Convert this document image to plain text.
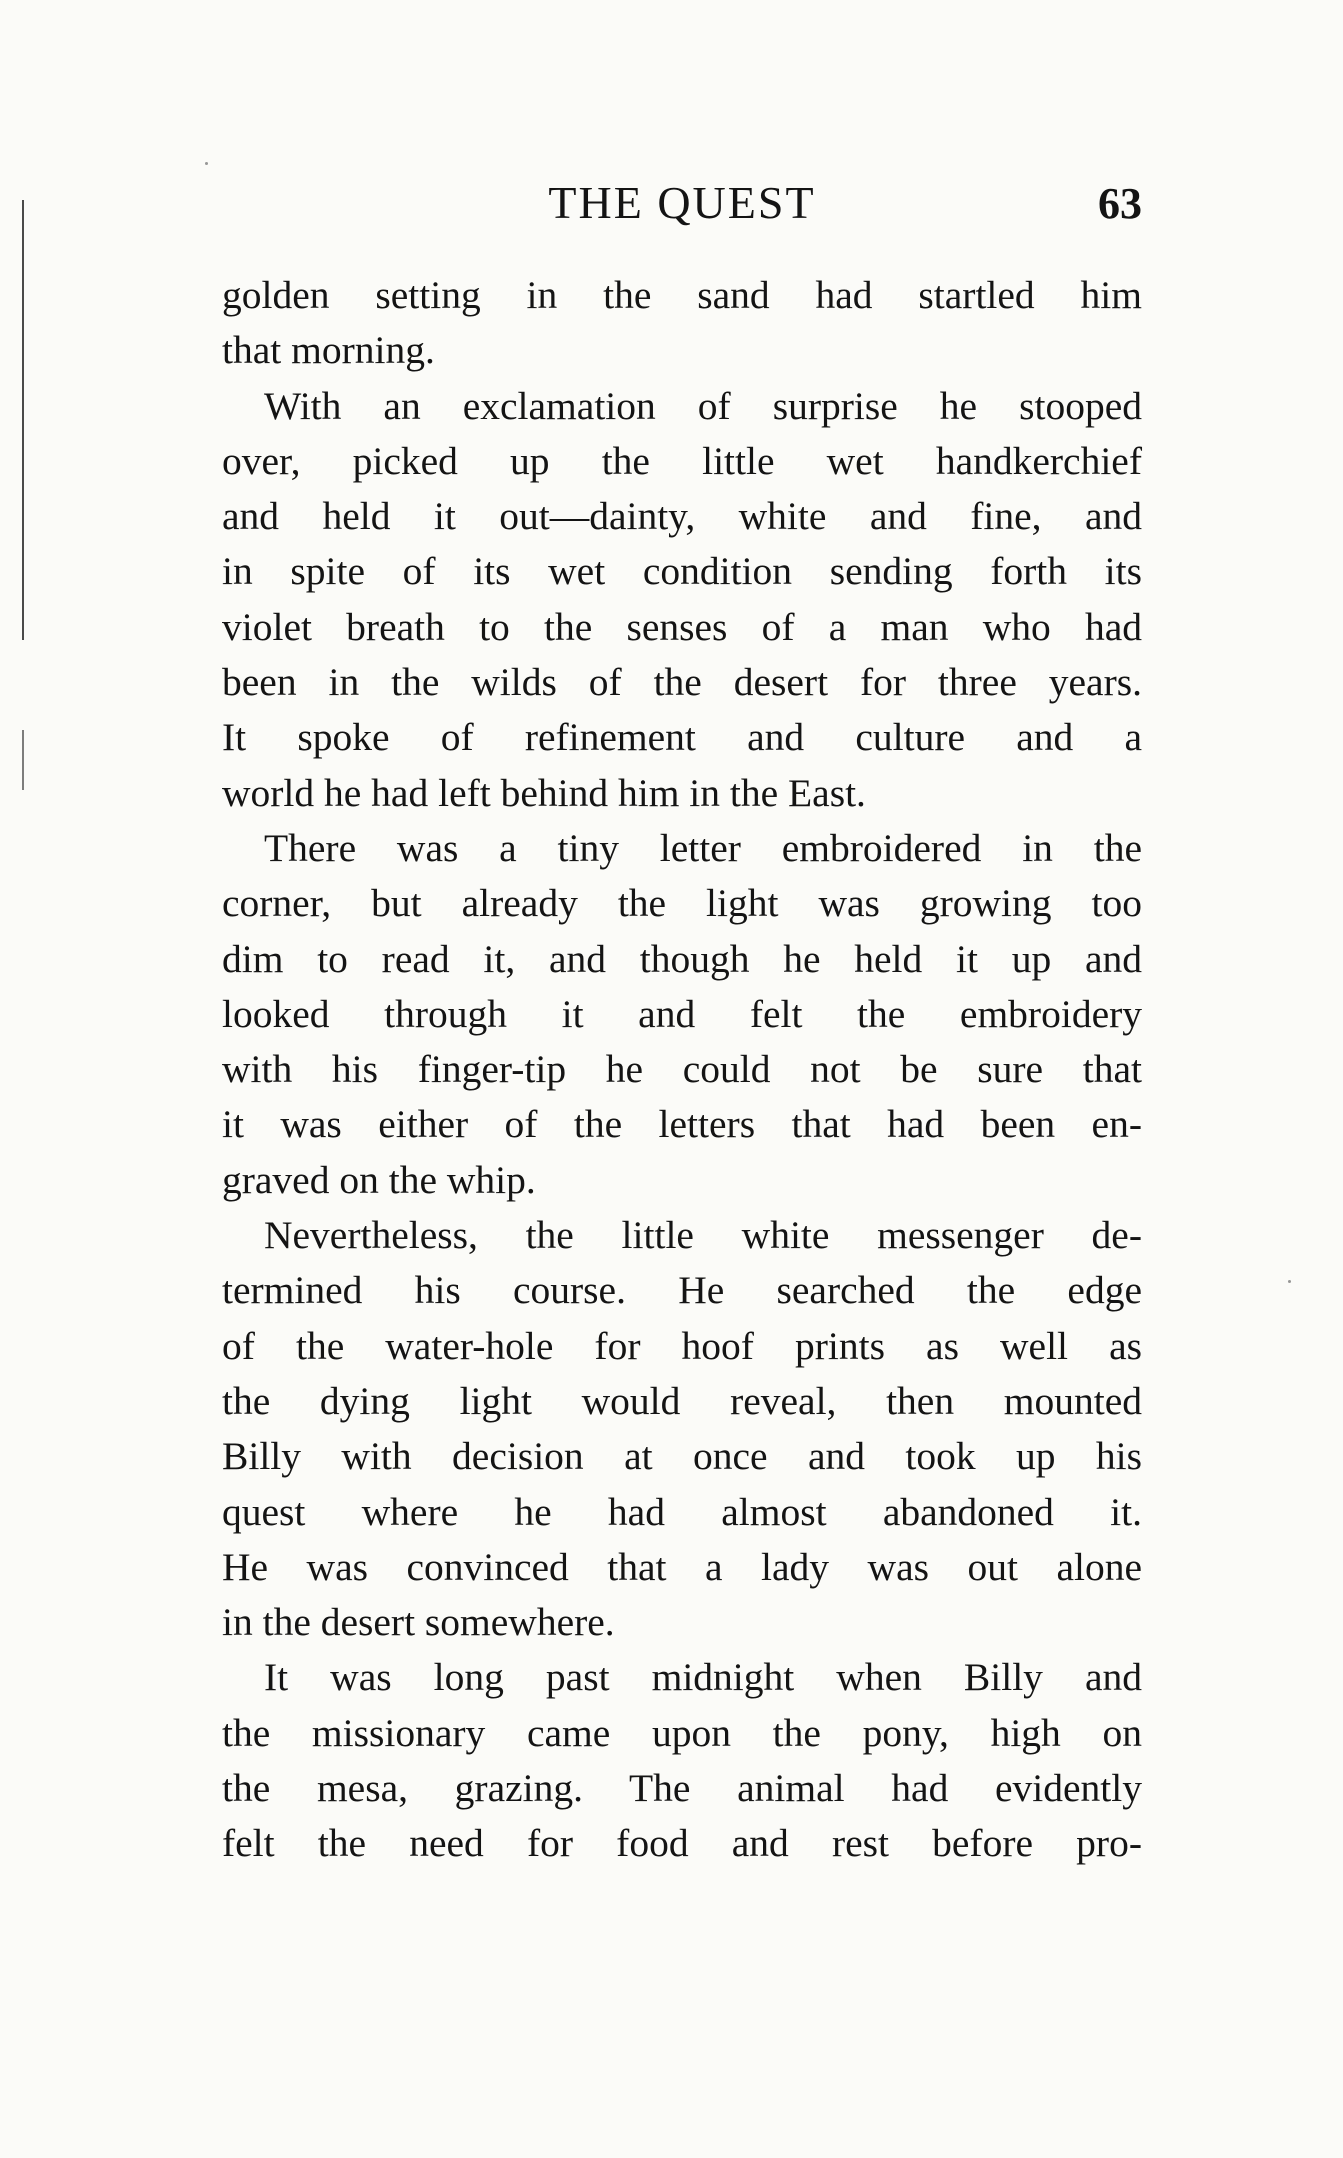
THE QUEST	63
golden setting in the sand had startled him
that morning.
With an exclamation of surprise he stooped
over, picked up the little wet handkerchief
and held it out—dainty, white and fine, and
in spite of its wet condition sending forth its
violet breath to the senses of a man who had
been in the wilds of the desert for three years.
It spoke of refinement and culture and a
world he had left behind him in the East.
There was a tiny letter embroidered in the
corner, but already the light was growing too
dim to read it, and though he held it up and
looked through it and felt the embroidery
with his finger-tip he could not be sure that
it was either of the letters that had been en-
graved on the whip.
Nevertheless, the little white messenger de-
termined his course. He searched the edge
of the water-hole for hoof prints as well as
the dying light would reveal, then mounted
Billy with decision at once and took up his
quest where he had almost abandoned it.
He was convinced that a lady was out alone
in the desert somewhere.
It was long past midnight when Billy and
the missionary came upon the pony, high on
the mesa, grazing. The animal had evidently
felt the need for food and rest before pro-
